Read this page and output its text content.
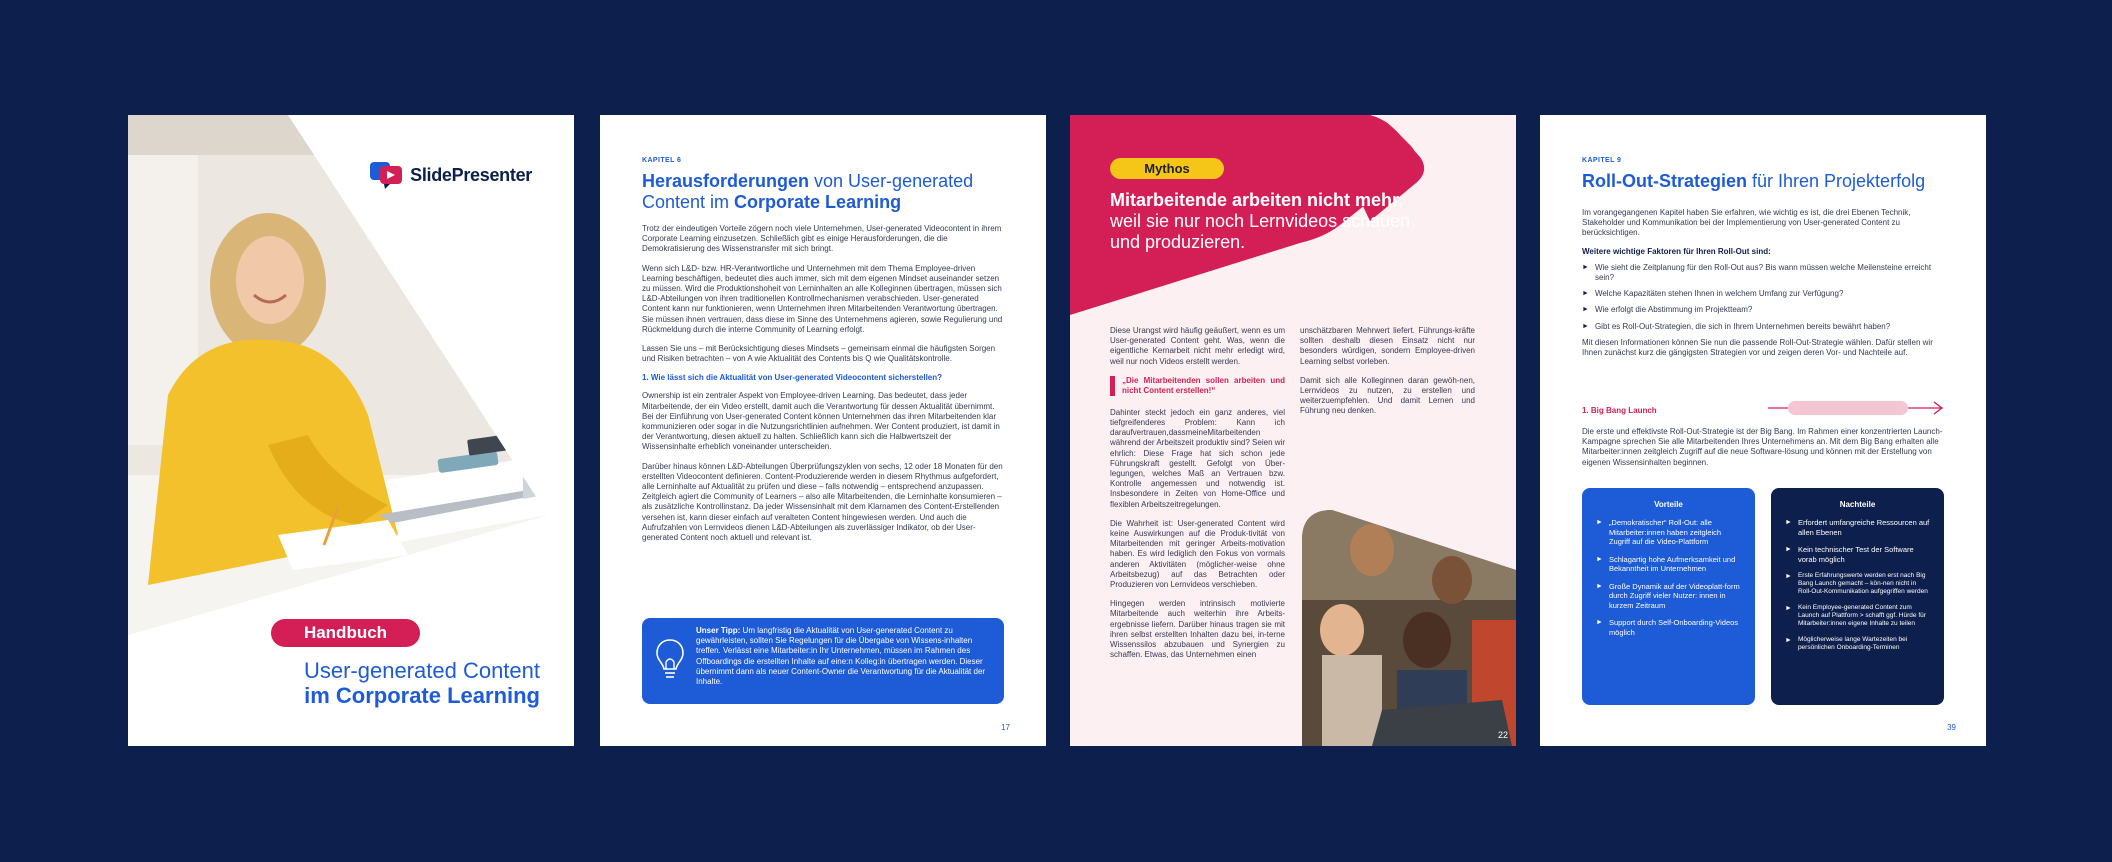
SlidePresenter
Handbuch
User-generated Content
im Corporate Learning
KAPITEL 6
Herausforderungen von User-generated Content im Corporate Learning

Trotz der eindeutigen Vorteile zögern noch viele Unternehmen, User-generated Videocontent in ihrem Corporate Learning einzusetzen. Schließlich gibt es einige Herausforderungen, die die Demokratisierung des Wissenstransfer mit sich bringt.

Wenn sich L&D- bzw. HR-Verantwortliche und Unternehmen mit dem Thema Employee-driven Learning beschäftigen, bedeutet dies auch immer, sich mit dem eigenen Mindset auseinander setzen zu müssen. Wird die Produktionshoheit von Lerninhalten an alle Kolleginnen übertragen, müssen sich L&D-Abteilungen von ihren traditionellen Kontrollmechanismen verabschieden. User-generated Content kann nur funktionieren, wenn Unternehmen ihren Mitarbeitenden Verantwortung übertragen. Sie müssen ihnen vertrauen, dass diese im Sinne des Unternehmens agieren, sowie Regulierung und Rückmeldung durch die interne Community of Learning erfolgt.

Lassen Sie uns – mit Berücksichtigung dieses Mindsets – gemeinsam einmal die häufigsten Sorgen und Risiken betrachten – von A wie Aktualität des Contents bis Q wie Qualitätskontrolle.

1. Wie lässt sich die Aktualität von User-generated Videocontent sicherstellen?

Ownership ist ein zentraler Aspekt von Employee-driven Learning. Das bedeutet, dass jeder Mitarbeitende, der ein Video erstellt, damit auch die Verantwortung für dessen Aktualität übernimmt. Bei der Einführung von User-generated Content können Unternehmen das ihren Mitarbeitenden klar kommunizieren oder sogar in die Nutzungsrichtlinien aufnehmen. Wer Content produziert, ist damit in der Verantwortung, diesen aktuell zu halten. Schließlich kann sich die Halbwertszeit der Wissensinhalte erheblich voneinander unterscheiden.

Darüber hinaus können L&D-Abteilungen Überprüfungszyklen von sechs, 12 oder 18 Monaten für den erstellten Videocontent definieren. Content-Produzierende werden in diesem Rhythmus aufgefordert, alle Lerninhalte auf Aktualität zu prüfen und diese – falls notwendig – entsprechend anzupassen. Zeitgleich agiert die Community of Learners – also alle Mitarbeitenden, die Lerninhalte konsumieren – als zusätzliche Kontrollinstanz. Da jeder Wissensinhalt mit dem Klarnamen des Content-Erstellenden versehen ist, kann dieser einfach auf veralteten Content hingewiesen werden. Und auch die Aufrufzahlen von Lernvideos dienen L&D-Abteilungen als zuverlässiger Indikator, ob der User-generated Content noch aktuell und relevant ist.

Unser Tipp: Um langfristig die Aktualität von User-generated Content zu gewährleisten, sollten Sie Regelungen für die Übergabe von Wissens-inhalten treffen. Verlässt eine Mitarbeiter:in Ihr Unternehmen, müssen im Rahmen des Offboardings die erstellten Inhalte auf eine:n Kolleg:in übertragen werden. Dieser übernimmt dann als neuer Content-Owner die Verantwortung für die Aktualität der Inhalte.

17
Mythos
Mitarbeitende arbeiten nicht mehr,
weil sie nur noch Lernvideos schauen und produzieren.

Diese Urangst wird häufig geäußert, wenn es um User-generated Content geht. Was, wenn die eigentliche Kernarbeit nicht mehr erledigt wird, weil nur noch Videos erstellt werden.

„Die Mitarbeitenden sollen arbeiten und nicht Content erstellen!“

Dahinter steckt jedoch ein ganz anderes, viel tiefgreifenderes Problem: Kann ich daraufvertrauen,dassmeineMitarbeitenden während der Arbeitszeit produktiv sind? Seien wir ehrlich: Diese Frage hat sich schon jede Führungskraft gestellt. Gefolgt von Über-legungen, welches Maß an Vertrauen bzw. Kontrolle angemessen und notwendig ist. Insbesondere in Zeiten von Home-Office und flexiblen Arbeitszeitregelungen.

Die Wahrheit ist: User-generated Content wird keine Auswirkungen auf die Produk-tivität von Mitarbeitenden mit geringer Arbeits-motivation haben. Es wird lediglich den Fokus von vormals anderen Aktivitäten (möglicher-weise ohne Arbeitsbezug) auf das Betrachten oder Produzieren von Lernvideos verschieben.

Hingegen werden intrinsisch motivierte Mitarbeitende auch weiterhin ihre Arbeits-ergebnisse liefern. Darüber hinaus tragen sie mit ihren selbst erstellten Inhalten dazu bei, in-terne Wissenssilos abzubauen und Synergien zu schaffen. Etwas, das Unternehmen einen

unschätzbaren Mehrwert liefert. Führungs-kräfte sollten deshalb diesen Einsatz nicht nur besonders würdigen, sondern Employee-driven Learning selbst vorleben.

Damit sich alle Kolleginnen daran gewöh-nen, Lernvideos zu nutzen, zu erstellen und weiterzuempfehlen. Und damit Lernen und Führung neu denken.

22
KAPITEL 9
Roll-Out-Strategien für Ihren Projekterfolg

Im vorangegangenen Kapitel haben Sie erfahren, wie wichtig es ist, die drei Ebenen Technik, Stakeholder und Kommunikation bei der Implementierung von User-generated Content zu berücksichtigen.

Weitere wichtige Faktoren für Ihren Roll-Out sind:

► Wie sieht die Zeitplanung für den Roll-Out aus? Bis wann müssen welche Meilensteine erreicht sein?
► Welche Kapazitäten stehen Ihnen in welchem Umfang zur Verfügung?
► Wie erfolgt die Abstimmung im Projektteam?
► Gibt es Roll-Out-Strategien, die sich in Ihrem Unternehmen bereits bewährt haben?

Mit diesen Informationen können Sie nun die passende Roll-Out-Strategie wählen. Dafür stellen wir Ihnen zunächst kurz die gängigsten Strategien vor und zeigen deren Vor- und Nachteile auf.

1. Big Bang Launch

Die erste und effektivste Roll-Out-Strategie ist der Big Bang. Im Rahmen einer konzentrierten Launch-Kampagne sprechen Sie alle Mitarbeitenden Ihres Unternehmens an. Mit dem Big Bang erhalten alle Mitarbeiter:innen zeitgleich Zugriff auf die neue Software-lösung und können mit der Erstellung von eigenen Wissensinhalten beginnen.

Vorteile
► „Demokratischer“ Roll-Out: alle Mitarbeiter:innen haben zeitgleich Zugriff auf die Video-Plattform
► Schlagartig hohe Aufmerksamkeit und Bekanntheit im Unternehmen
► Große Dynamik auf der Videoplatt-form durch Zugriff vieler Nutzer: innen in kurzem Zeitraum
► Support durch Self-Onboarding-Videos möglich
Nachteile
► Erfordert umfangreiche Ressourcen auf allen Ebenen
► Kein technischer Test der Software vorab möglich
► Erste Erfahrungswerte werden erst nach Big Bang Launch gemacht – kön-nen nicht in Roll-Out-Kommunikation aufgegriffen werden
► Kein Employee-generated Content zum Launch auf Plattform > schafft ggf. Hürde für Mitarbeiter:innen eigene Inhalte zu teilen
► Möglicherweise lange Wartezeiten bei persönlichen Onboarding-Terminen
39
